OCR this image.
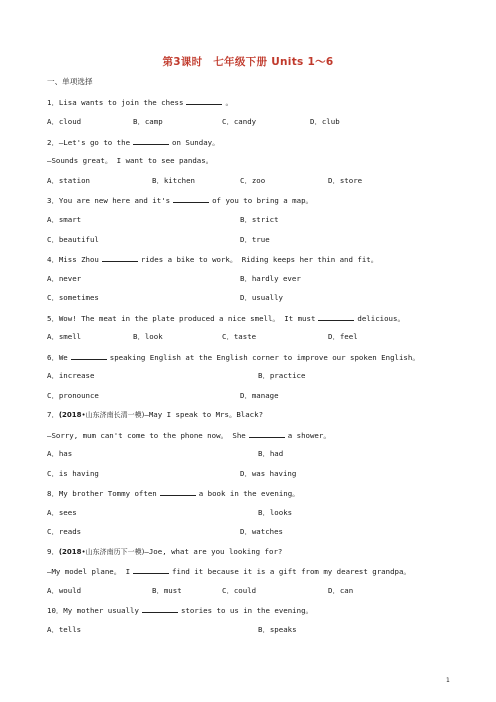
第3课时　七年级下册 Units 1～6
一、单项选择
1．Lisa wants to join the chess	。
A．cloud	B．camp	C．candy	D．club
2．—Let's go to the	on Sunday。
—Sounds great。 I want to see pandas。
A．station	B．kitchen	C．zoo	D．store
3．You are new here and it's	of you to bring a map。
A．smart	B．strict
C．beautiful	D．true
4．Miss Zhou	rides a bike to work。 Riding keeps her thin and fit。
A．never	B．hardly ever
C．sometimes	D．usually
5．Wow! The meat in the plate produced a nice smell。 It must	delicious。
A．smell	B．look	C．taste	D．feel
6．We	speaking English at the English corner to improve our spoken English。
A．increase	B．practice
C．pronounce	D．manage
7．(2018•山东济南长清一模)—May I speak to Mrs。Black?
—Sorry, mum can't come to the phone now。 She	a shower。
A．has	B．had
C．is having	D．was having
8．My brother Tommy often	a book in the evening。
A．sees	B．looks
C．reads	D．watches
9．(2018•山东济南历下一模)—Joe, what are you looking for?
—My model plane。 I	find it because it is a gift from my dearest grandpa。
A．would	B．must	C．could	D．can
10．My mother usually	stories to us in the evening。
A．tells	B．speaks
1
